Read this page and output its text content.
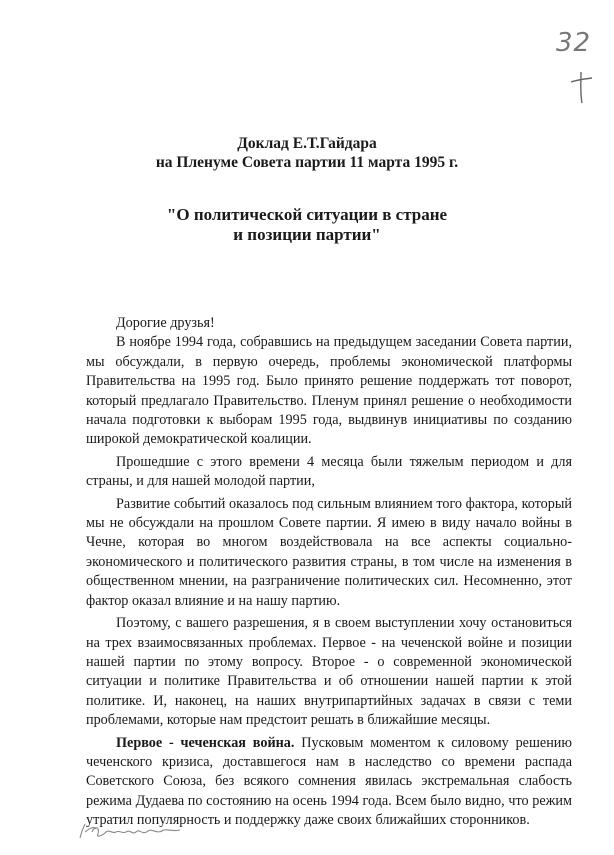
32
Доклад Е.Т.Гайдара
на Пленуме Совета партии 11 марта 1995 г.
"О политической ситуации в стране
и позиции партии"

Дорогие друзья!

В ноябре 1994 года, собравшись на предыдущем заседании Совета партии, мы обсуждали, в первую очередь, проблемы экономической платформы Правительства на 1995 год. Было принято решение поддержать тот поворот, который предлагало Правительство. Пленум принял решение о необходимости начала подготовки к выборам 1995 года, выдвинув инициативы по созданию широкой демократической коалиции.

Прошедшие с этого времени 4 месяца были тяжелым периодом и для страны, и для нашей молодой партии,

Развитие событий оказалось под сильным влиянием того фактора, который мы не обсуждали на прошлом Совете партии. Я имею в виду начало войны в Чечне, которая во многом воздействовала на все аспекты социально-экономического и политического развития страны, в том числе на изменения в общественном мнении, на разграничение политических сил. Несомненно, этот фактор оказал влияние и на нашу партию.

Поэтому, с вашего разрешения, я в своем выступлении хочу остановиться на трех взаимосвязанных проблемах. Первое - на чеченской войне и позиции нашей партии по этому вопросу. Второе - о современной экономической ситуации и политике Правительства и об отношении нашей партии к этой политике. И, наконец, на наших внутрипартийных задачах в связи с теми проблемами, которые нам предстоит решать в ближайшие месяцы.

Первое - чеченская война. Пусковым моментом к силовому решению чеченского кризиса, доставшегося нам в наследство со времени распада Советского Союза, без всякого сомнения явилась экстремальная слабость режима Дудаева по состоянию на осень 1994 года. Всем было видно, что режим утратил популярность и поддержку даже своих ближайших сторонников.
